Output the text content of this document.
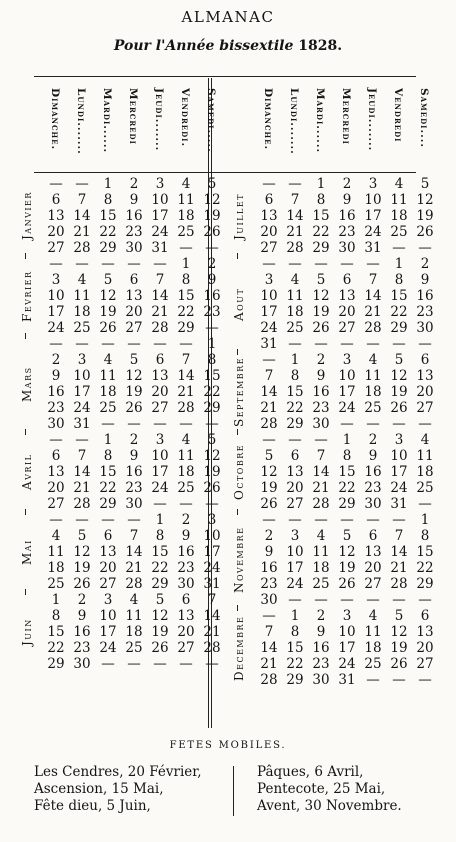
ALMANAC
Pour l'Année bissextile 1828.
Dimanche. Lundi....... Mardi...... Mercredi Jeudi....... Vendredi. Samedi.....
Janvier
— —	1	2	3	4	5
6	7	8	9 10 11 12
13 14 15 16 17 18 19
20 21 22 23 24 25 26
27 28 29 30 31 — —
Fevrier
— — — — —	1	2
3	4	5	6	7	8	9
10 11 12 13 14 15 16
17 18 19 20 21 22 23
24 25 26 27 28 29 —
Mars
— — — — — —	1
2	3	4	5	6	7	8
9 10 11 12 13 14 15
16 17 18 19 20 21 22
23 24 25 26 27 28 29
30 31 — — — — —
Avril
— —	1	2	3	4	5
6	7	8	9 10 11 12
13 14 15 16 17 18 19
20 21 22 23 24 25 26
27 28 29 30 — — —
Mai
— — — —	1	2	3
4	5	6	7	8	9 10
11 12 13 14 15 16 17
18 19 20 21 22 23 24
25 26 27 28 29 30 31
Juin
1	2	3	4	5	6	7
8	9 10 11 12 13 14
15 16 17 18 19 20 21
22 23 24 25 26 27 28
29 30 — — — — —
Dimanche. Lundi....... Mardi...... Mercredi Jeudi....... Vendredi Samedi....
Juillet
— —	1	2	3	4	5
6	7	8	9 10 11 12
13 14 15 16 17 18 19
20 21 22 23 24 25 26
27 28 29 30 31 — —
Aout
— — — — —	1	2
3	4	5	6	7	8	9
10 11 12 13 14 15 16
17 18 19 20 21 22 23
24 25 26 27 28 29 30
31 — — — — — —
Septembre	—	1	2	3	4	5	6
7	8	9 10 11 12 13
14 15 16 17 18 19 20
21 22 23 24 25 26 27
28 29 30 — — — —
Octobre
— — —	1	2	3	4
5	6	7	8	9 10 11
12 13 14 15 16 17 18
19 20 21 22 23 24 25
26 27 28 29 30 31 —
Novembre
— — — — — —	1
2	3	4	5	6	7	8
9 10 11 12 13 14 15
16 17 18 19 20 21 22
23 24 25 26 27 28 29
30 — — — — — —
Decembre	—	1	2	3	4	5	6
7	8	9 10 11 12 13
14 15 16 17 18 19 20
21 22 23 24 25 26 27
28 29 30 31 — — —
FETES MOBILES.
Les Cendres, 20 Février,
Ascension, 15 Mai,
Fête dieu, 5 Juin,
Pâques, 6 Avril,
Pentecote, 25 Mai,
Avent, 30 Novembre.
